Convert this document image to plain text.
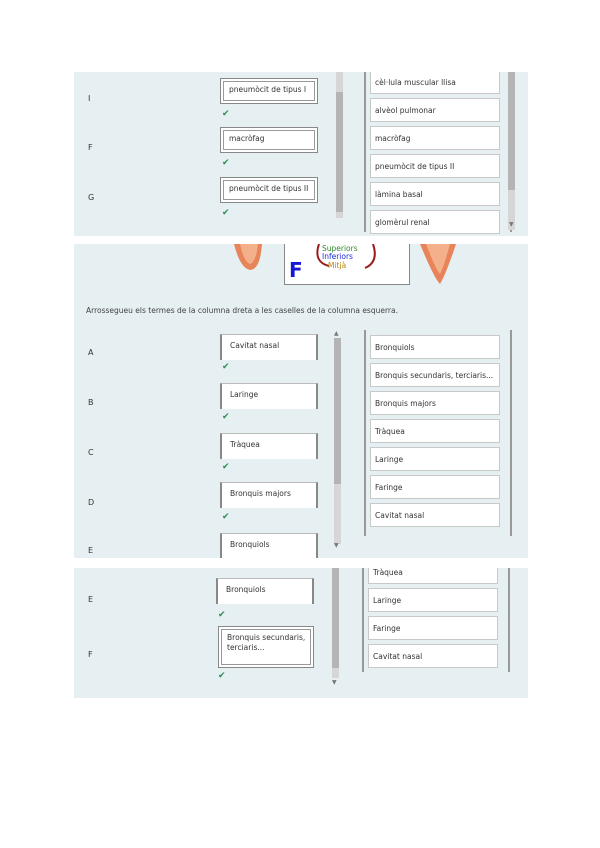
I
pneumòcit de tipus I
✔
F
macròfag
✔
G
pneumòcit de tipus II
✔
cèl·lula muscular llisa
alvèol pulmonar
macròfag
pneumòcit de tipus II
làmina basal
glomèrul renal	▼
F
Superiors
Inferiors
Mitjà
Arrossegueu els termes de la columna dreta a les caselles de la columna esquerra.
A
Cavitat nasal
✔
B
Laringe
✔
C
Tràquea
✔
D
Bronquis majors
✔
E
Bronquiols
▲
▼
Bronquiols
Bronquis secundaris, terciaris...
Bronquis majors
Tràquea
Laringe
Faringe
Cavitat nasal
E
Bronquiols
✔
F
Bronquis secundaris, terciaris...
✔
▼
Tràquea
Laringe
Faringe
Cavitat nasal
